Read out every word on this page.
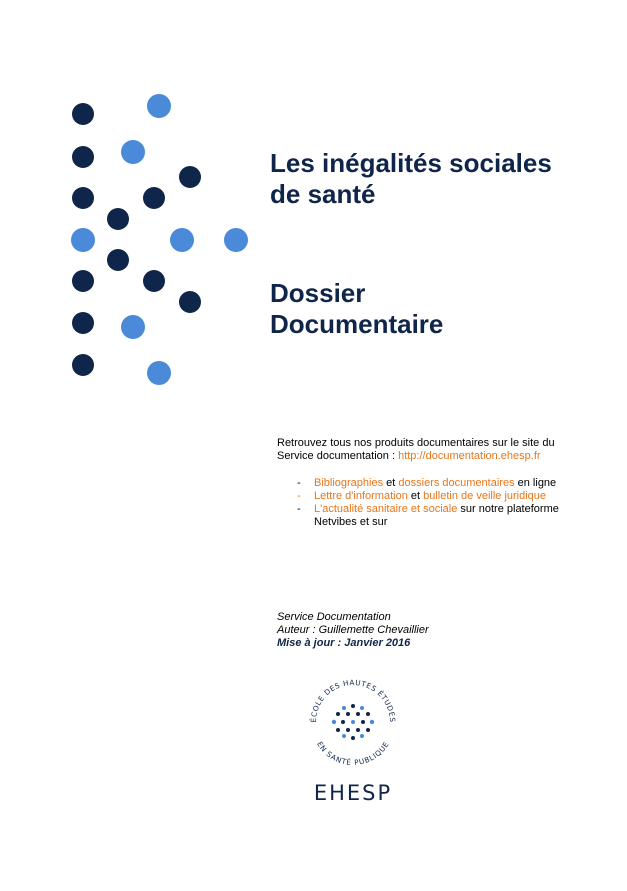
Les inégalités sociales
de santé
Dossier
Documentaire

Retrouvez tous nos produits documentaires sur le site du
Service documentation : http://documentation.ehesp.fr

- Bibliographies et dossiers documentaires en ligne
- Lettre d'information et bulletin de veille juridique
- L'actualité sanitaire et sociale sur notre plateforme
Netvibes et sur
Service Documentation
Auteur : Guillemette Chevaillier
Mise à jour : Janvier 2016
ÉCOLE DES HAUTES ÉTUDES
EN SANTÉ PUBLIQUE
EHESP
